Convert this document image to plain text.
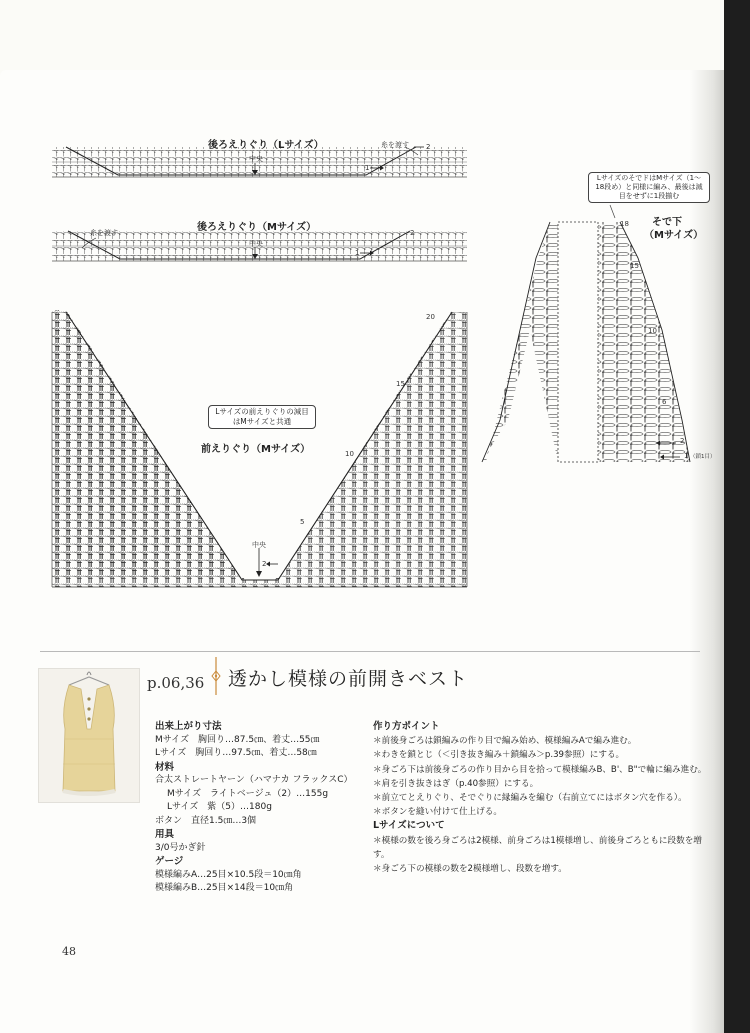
後ろえりぐり（Lサイズ）
中央
糸を渡す
1
2
後ろえりぐり（Mサイズ）
中央
糸を渡す
1
2
Lサイズの前えりぐりの減目はMサイズと共通
前えりぐり（Mサイズ）
中央
2
5
10
15
20
LサイズのそでドはMサイズ（1〜18段め）と同様に編み、最後は減目をせずに1段揃む
そで下
（Mサイズ）
18
15
10
6
2
1 （鎖1目）
p.06,36 透かし模様の前開きベスト
出来上がり寸法
Mサイズ　胸回り…87.5㎝、着丈…55㎝
Lサイズ　胸回り…97.5㎝、着丈…58㎝
材料
合太ストレートヤーン（ハマナカ フラックスC）
Mサイズ　ライトベージュ（2）…155g
Lサイズ　紫（5）…180g
ボタン　直径1.5㎝…3個
用具
3/0号かぎ針
ゲージ
模様編みA…25目×10.5段＝10㎝角
模様編みB…25目×14段＝10㎝角
作り方ポイント
＊前後身ごろは鎖編みの作り目で編み始め、模様編みAで編み進む。
＊わきを鎖とじ（＜引き抜き編み＋鎖編み＞p.39参照）にする。
＊身ごろ下は前後身ごろの作り目から目を拾って模様編みB、B'、B"で輪に編み進む。
＊肩を引き抜きはぎ（p.40参照）にする。
＊前立てとえりぐり、そでぐりに縁編みを編む（右前立てにはボタン穴を作る）。
＊ボタンを縫い付けて仕上げる。
Lサイズについて
＊模様の数を後ろ身ごろは2模様、前身ごろは1模様増し、前後身ごろともに段数を増す。
＊身ごろ下の模様の数を2模様増し、段数を増す。
48
